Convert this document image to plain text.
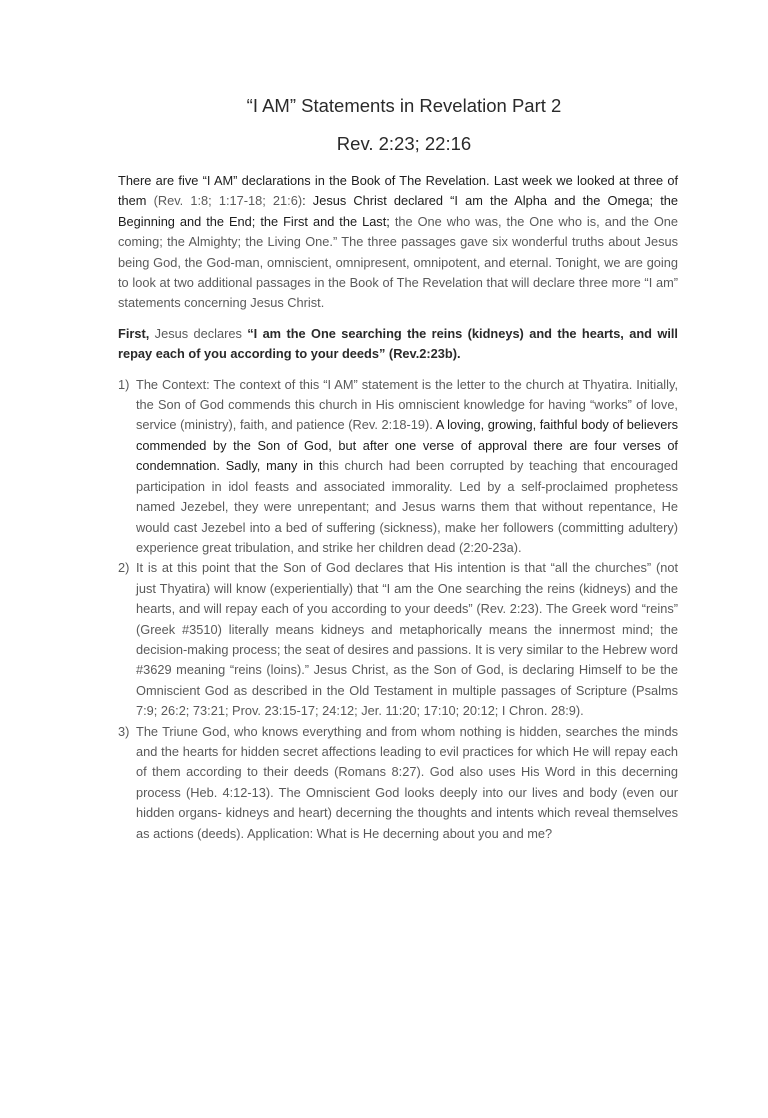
“I AM” Statements in Revelation Part 2
Rev. 2:23; 22:16

There are five “I AM” declarations in the Book of The Revelation. Last week we looked at three of them (Rev. 1:8; 1:17-18; 21:6): Jesus Christ declared “I am the Alpha and the Omega; the Beginning and the End; the First and the Last; the One who was, the One who is, and the One coming; the Almighty; the Living One.” The three passages gave six wonderful truths about Jesus being God, the God-man, omniscient, omnipresent, omnipotent, and eternal. Tonight, we are going to look at two additional passages in the Book of The Revelation that will declare three more “I am” statements concerning Jesus Christ.

First, Jesus declares “I am the One searching the reins (kidneys) and the hearts, and will repay each of you according to your deeds” (Rev.2:23b).

1) The Context: The context of this “I AM” statement is the letter to the church at Thyatira. Initially, the Son of God commends this church in His omniscient knowledge for having “works” of love, service (ministry), faith, and patience (Rev. 2:18-19). A loving, growing, faithful body of believers commended by the Son of God, but after one verse of approval there are four verses of condemnation. Sadly, many in this church had been corrupted by teaching that encouraged participation in idol feasts and associated immorality. Led by a self-proclaimed prophetess named Jezebel, they were unrepentant; and Jesus warns them that without repentance, He would cast Jezebel into a bed of suffering (sickness), make her followers (committing adultery) experience great tribulation, and strike her children dead (2:20-23a).
2) It is at this point that the Son of God declares that His intention is that “all the churches” (not just Thyatira) will know (experientially) that “I am the One searching the reins (kidneys) and the hearts, and will repay each of you according to your deeds” (Rev. 2:23). The Greek word “reins” (Greek #3510) literally means kidneys and metaphorically means the innermost mind; the decision-making process; the seat of desires and passions. It is very similar to the Hebrew word #3629 meaning “reins (loins).” Jesus Christ, as the Son of God, is declaring Himself to be the Omniscient God as described in the Old Testament in multiple passages of Scripture (Psalms 7:9; 26:2; 73:21; Prov. 23:15-17; 24:12; Jer. 11:20; 17:10; 20:12; I Chron. 28:9).
3) The Triune God, who knows everything and from whom nothing is hidden, searches the minds and the hearts for hidden secret affections leading to evil practices for which He will repay each of them according to their deeds (Romans 8:27). God also uses His Word in this decerning process (Heb. 4:12-13). The Omniscient God looks deeply into our lives and body (even our hidden organs- kidneys and heart) decerning the thoughts and intents which reveal themselves as actions (deeds). Application: What is He decerning about you and me?
